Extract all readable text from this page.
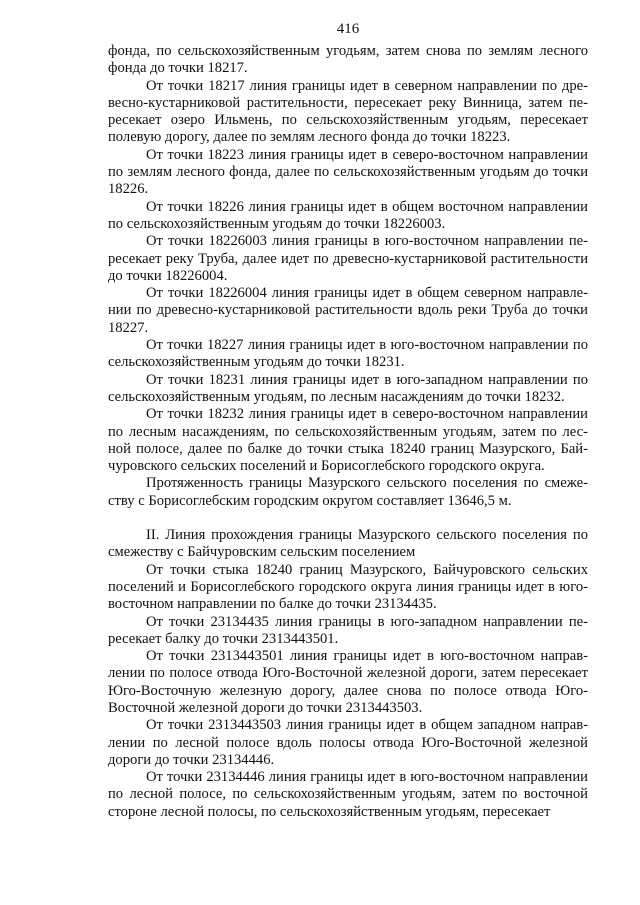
416

фонда, по сельскохозяйственным угодьям, затем снова по землям лесного фонда до точки 18217.

От точки 18217 линия границы идет в северном направлении по древесно-кустарниковой растительности, пересекает реку Винница, затем пересекает озеро Ильмень, по сельскохозяйственным угодьям, пересекает полевую дорогу, далее по землям лесного фонда до точки 18223.

От точки 18223 линия границы идет в северо-восточном направлении по землям лесного фонда, далее по сельскохозяйственным угодьям до точки 18226.

От точки 18226 линия границы идет в общем восточном направлении по сельскохозяйственным угодьям до точки 18226003.

От точки 18226003 линия границы в юго-восточном направлении пересекает реку Труба, далее идет по древесно-кустарниковой растительности до точки 18226004.

От точки 18226004 линия границы идет в общем северном направлении по древесно-кустарниковой растительности вдоль реки Труба до точки 18227.

От точки 18227 линия границы идет в юго-восточном направлении по сельскохозяйственным угодьям до точки 18231.

От точки 18231 линия границы идет в юго-западном направлении по сельскохозяйственным угодьям, по лесным насаждениям до точки 18232.

От точки 18232 линия границы идет в северо-восточном направлении по лесным насаждениям, по сельскохозяйственным угодьям, затем по лесной полосе, далее по балке до точки стыка 18240 границ Мазурского, Байчуровского сельских поселений и Борисоглебского городского округа.

Протяженность границы Мазурского сельского поселения по смежеству с Борисоглебским городским округом составляет 13646,5 м.

II. Линия прохождения границы Мазурского сельского поселения по смежеству с Байчуровским сельским поселением

От точки стыка 18240 границ Мазурского, Байчуровского сельских поселений и Борисоглебского городского округа линия границы идет в юго-восточном направлении по балке до точки 23134435.

От точки 23134435 линия границы в юго-западном направлении пересекает балку до точки 2313443501.

От точки 2313443501 линия границы идет в юго-восточном направлении по полосе отвода Юго-Восточной железной дороги, затем пересекает Юго-Восточную железную дорогу, далее снова по полосе отвода Юго-Восточной железной дороги до точки 2313443503.

От точки 2313443503 линия границы идет в общем западном направлении по лесной полосе вдоль полосы отвода Юго-Восточной железной дороги до точки 23134446.

От точки 23134446 линия границы идет в юго-восточном направлении по лесной полосе, по сельскохозяйственным угодьям, затем по восточной стороне лесной полосы, по сельскохозяйственным угодьям, пересекает
